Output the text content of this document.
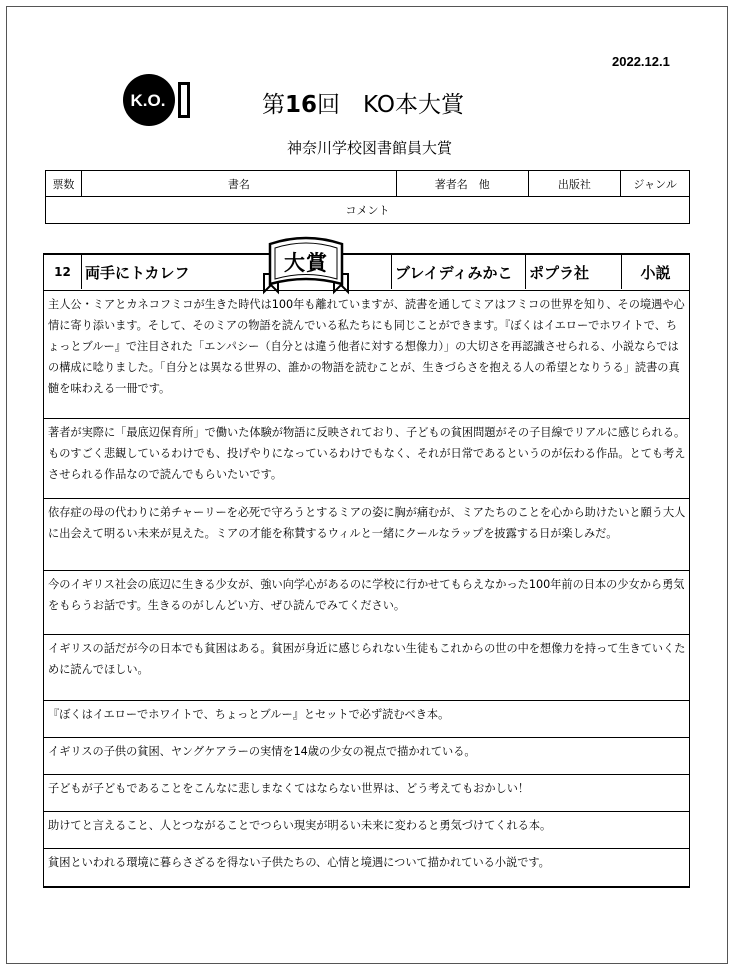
2022.12.1
K.O.	第16回　KO本大賞
神奈川学校図書館員大賞
票数	書名	著者名　他	出版社	ジャンル
コメント
12 両手にトカレフ	ブレイディみかこ	ポプラ社	小説
大賞
主人公・ミアとカネコフミコが生きた時代は100年も離れていますが、読書を通してミアはフミコの世界を知り、その境遇や心情に寄り添います。そして、そのミアの物語を読んでいる私たちにも同じことができます。『ぼくはイエローでホワイトで、ちょっとブルー』で注目された「エンパシー（自分とは違う他者に対する想像力）」の大切さを再認識させられる、小説ならではの構成に唸りました。「自分とは異なる世界の、誰かの物語を読むことが、生きづらさを抱える人の希望となりうる」読書の真髄を味わえる一冊です。
著者が実際に「最底辺保育所」で働いた体験が物語に反映されており、子どもの貧困問題がその子目線でリアルに感じられる。ものすごく悲観しているわけでも、投げやりになっているわけでもなく、それが日常であるというのが伝わる作品。とても考えさせられる作品なので読んでもらいたいです。
依存症の母の代わりに弟チャーリーを必死で守ろうとするミアの姿に胸が痛むが、ミアたちのことを心から助けたいと願う大人に出会えて明るい未来が見えた。ミアの才能を称賛するウィルと一緒にクールなラップを披露する日が楽しみだ。
今のイギリス社会の底辺に生きる少女が、強い向学心があるのに学校に行かせてもらえなかった100年前の日本の少女から勇気をもらうお話です。生きるのがしんどい方、ぜひ読んでみてください。
イギリスの話だが今の日本でも貧困はある。貧困が身近に感じられない生徒もこれからの世の中を想像力を持って生きていくために読んでほしい。
『ぼくはイエローでホワイトで、ちょっとブルー』とセットで必ず読むべき本。
イギリスの子供の貧困、ヤングケアラーの実情を14歳の少女の視点で描かれている。
子どもが子どもであることをこんなに悲しまなくてはならない世界は、どう考えてもおかしい！
助けてと言えること、人とつながることでつらい現実が明るい未来に変わると勇気づけてくれる本。
貧困といわれる環境に暮らさざるを得ない子供たちの、心情と境遇について描かれている小説です。
